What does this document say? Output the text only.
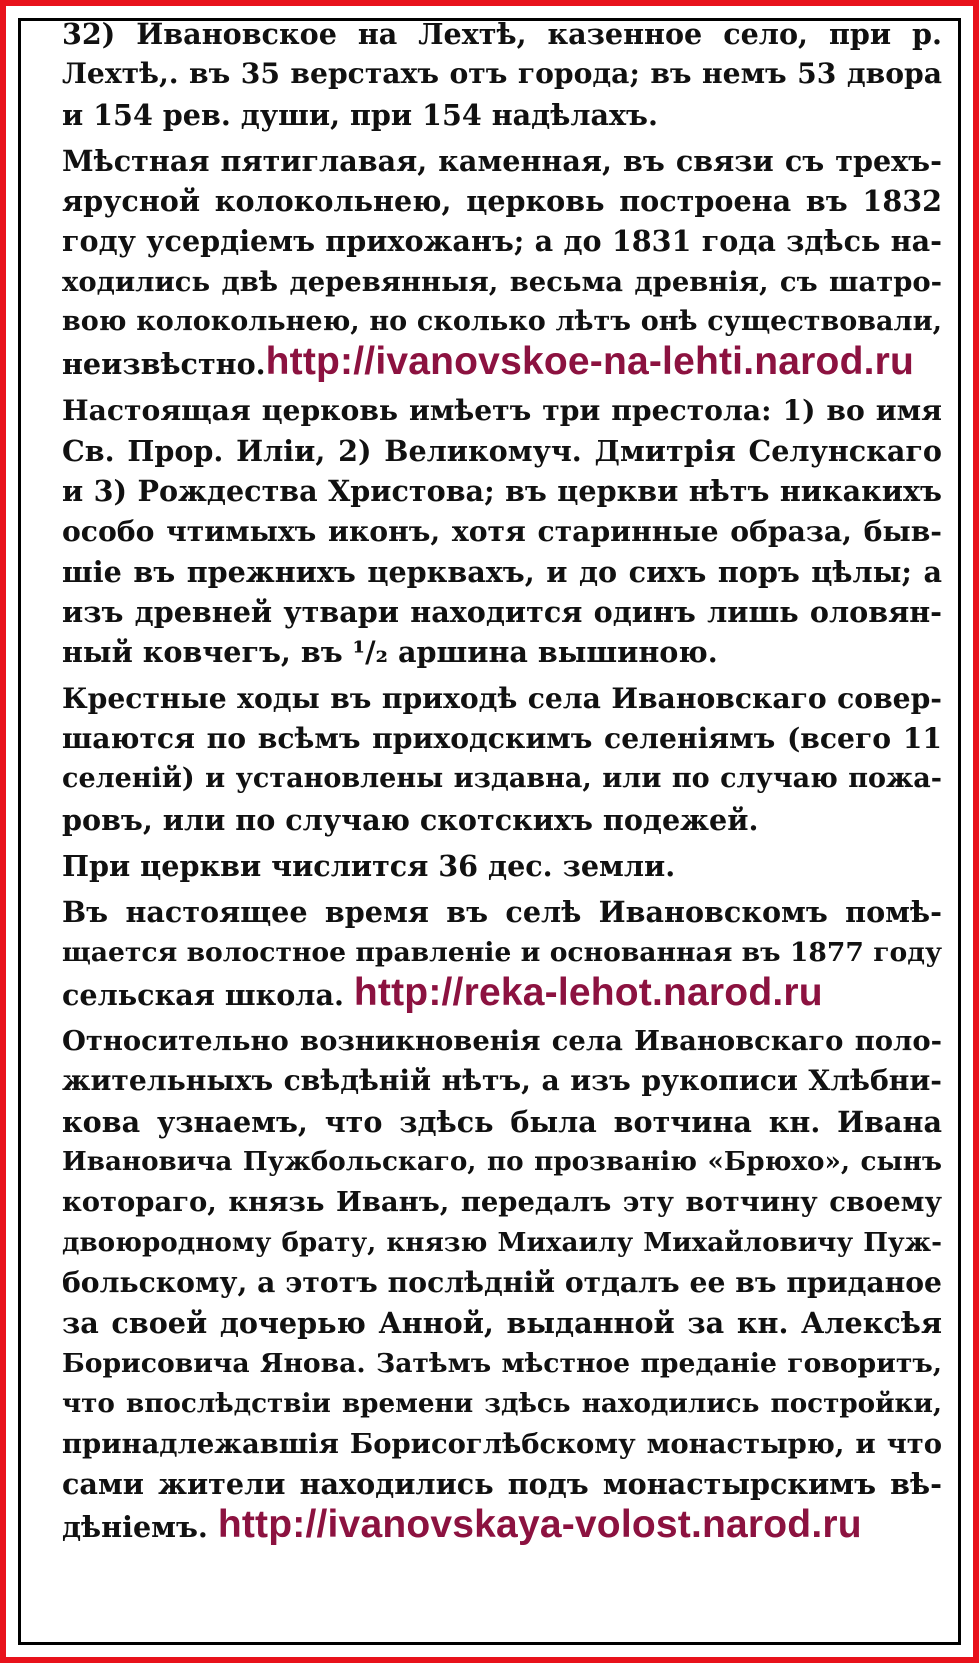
32) Ивановское на Лехтѣ, казенное село, при р.
Лехтѣ,. въ 35 верстахъ отъ города; въ немъ 53 двора
и 154 рев. души, при 154 надѣлахъ.
Мѣстная пятиглавая, каменная, въ связи съ трехъ-
ярусной колокольнею, церковь построена въ 1832
году усердіемъ прихожанъ; а до 1831 года здѣсь на-
ходились двѣ деревянныя, весьма древнія, съ шатро-
вою колокольнею, но сколько лѣтъ онѣ существовали,
неизвѣстно.http://ivanovskoe-na-lehti.narod.ru
Настоящая церковь имѣетъ три престола: 1) во имя
Св. Прор. Иліи, 2) Великомуч. Дмитрія Селунскаго
и 3) Рождества Христова; въ церкви нѣтъ никакихъ
особо чтимыхъ иконъ, хотя старинные образа, быв-
шіе въ прежнихъ церквахъ, и до сихъ поръ цѣлы; а
изъ древней утвари находится одинъ лишь оловян-
ный ковчегъ, въ ¹/₂ аршина вышиною.
Крестные ходы въ приходѣ села Ивановскаго совер-
шаются по всѣмъ приходскимъ селеніямъ (всего 11
селеній) и установлены издавна, или по случаю пожа-
ровъ, или по случаю скотскихъ подежей.
При церкви числится 36 дес. земли.
Въ настоящее время въ селѣ Ивановскомъ помѣ-
щается волостное правленіе и основанная въ 1877 году
сельская школа. http://reka-lehot.narod.ru
Относительно возникновенія села Ивановскаго поло-
жительныхъ свѣдѣній нѣтъ, а изъ рукописи Хлѣбни-
кова узнаемъ, что здѣсь была вотчина кн. Ивана
Ивановича Пужбольскаго, по прозванію «Брюхо», сынъ
котораго, князь Иванъ, передалъ эту вотчину своему
двоюродному брату, князю Михаилу Михайловичу Пуж-
больскому, а этотъ послѣдній отдалъ ее въ приданое
за своей дочерью Анной, выданной за кн. Алексѣя
Борисовича Янова. Затѣмъ мѣстное преданіе говоритъ,
что впослѣдствіи времени здѣсь находились постройки,
принадлежавшія Борисоглѣбскому монастырю, и что
сами жители находились подъ монастырскимъ вѣ-
дѣніемъ. http://ivanovskaya-volost.narod.ru
